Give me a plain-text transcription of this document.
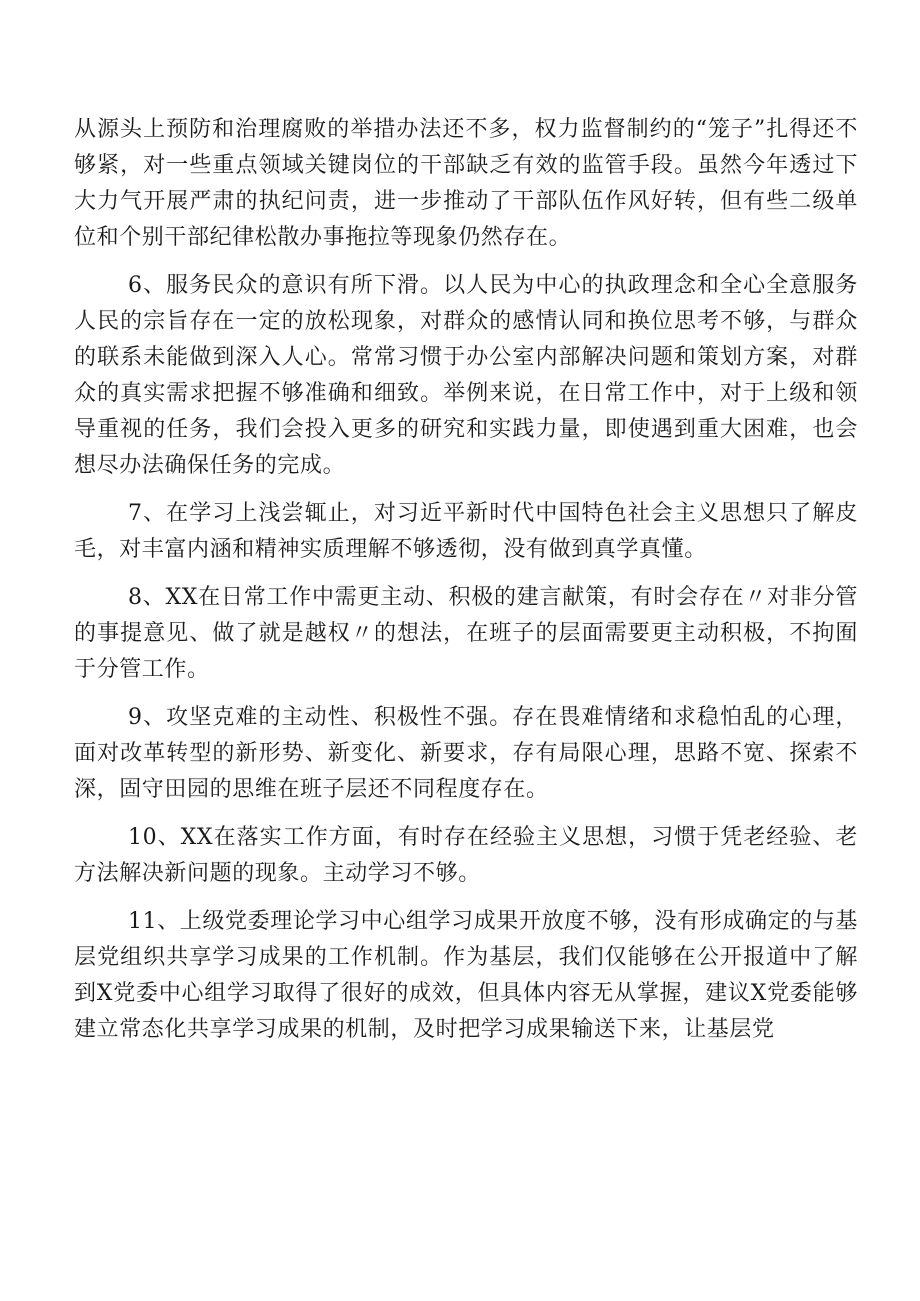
从源头上预防和治理腐败的举措办法还不多，权力监督制约的“笼子”扎得还不够紧，对一些重点领域关键岗位的干部缺乏有效的监管手段。虽然今年透过下大力气开展严肃的执纪问责，进一步推动了干部队伍作风好转，但有些二级单位和个别干部纪律松散办事拖拉等现象仍然存在。

6、服务民众的意识有所下滑。以人民为中心的执政理念和全心全意服务人民的宗旨存在一定的放松现象，对群众的感情认同和换位思考不够，与群众的联系未能做到深入人心。常常习惯于办公室内部解决问题和策划方案，对群众的真实需求把握不够准确和细致。举例来说，在日常工作中，对于上级和领导重视的任务，我们会投入更多的研究和实践力量，即使遇到重大困难，也会想尽办法确保任务的完成。

7、在学习上浅尝辄止，对习近平新时代中国特色社会主义思想只了解皮毛，对丰富内涵和精神实质理解不够透彻，没有做到真学真懂。

8、XX在日常工作中需更主动、积极的建言献策，有时会存在〃对非分管的事提意见、做了就是越权〃的想法，在班子的层面需要更主动积极，不拘囿于分管工作。

9、攻坚克难的主动性、积极性不强。存在畏难情绪和求稳怕乱的心理，面对改革转型的新形势、新变化、新要求，存有局限心理，思路不宽、探索不深，固守田园的思维在班子层还不同程度存在。

10、XX在落实工作方面，有时存在经验主义思想，习惯于凭老经验、老方法解决新问题的现象。主动学习不够。

11、上级党委理论学习中心组学习成果开放度不够，没有形成确定的与基层党组织共享学习成果的工作机制。作为基层，我们仅能够在公开报道中了解到X党委中心组学习取得了很好的成效，但具体内容无从掌握，建议X党委能够建立常态化共享学习成果的机制，及时把学习成果输送下来，让基层党
